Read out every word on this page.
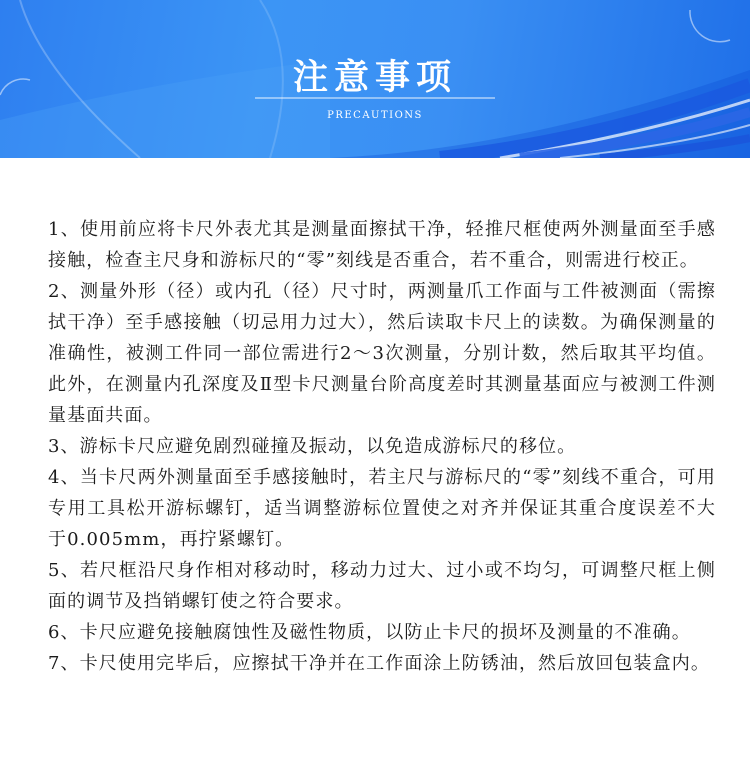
注意事项
PRECAUTIONS

1、使用前应将卡尺外表尤其是测量面擦拭干净，轻推尺框使两外测量面至手感接触，检查主尺身和游标尺的“零”刻线是否重合，若不重合，则需进行校正。

2、测量外形（径）或内孔（径）尺寸时，两测量爪工作面与工件被测面（需擦拭干净）至手感接触（切忌用力过大），然后读取卡尺上的读数。为确保测量的准确性，被测工件同一部位需进行2～3次测量，分别计数，然后取其平均值。此外，在测量内孔深度及Ⅱ型卡尺测量台阶高度差时其测量基面应与被测工件测量基面共面。

3、游标卡尺应避免剧烈碰撞及振动，以免造成游标尺的移位。

4、当卡尺两外测量面至手感接触时，若主尺与游标尺的“零”刻线不重合，可用专用工具松开游标螺钉，适当调整游标位置使之对齐并保证其重合度误差不大于0.005mm，再拧紧螺钉。

5、若尺框沿尺身作相对移动时，移动力过大、过小或不均匀，可调整尺框上侧面的调节及挡销螺钉使之符合要求。

6、卡尺应避免接触腐蚀性及磁性物质，以防止卡尺的损坏及测量的不准确。

7、卡尺使用完毕后，应擦拭干净并在工作面涂上防锈油，然后放回包装盒内。
